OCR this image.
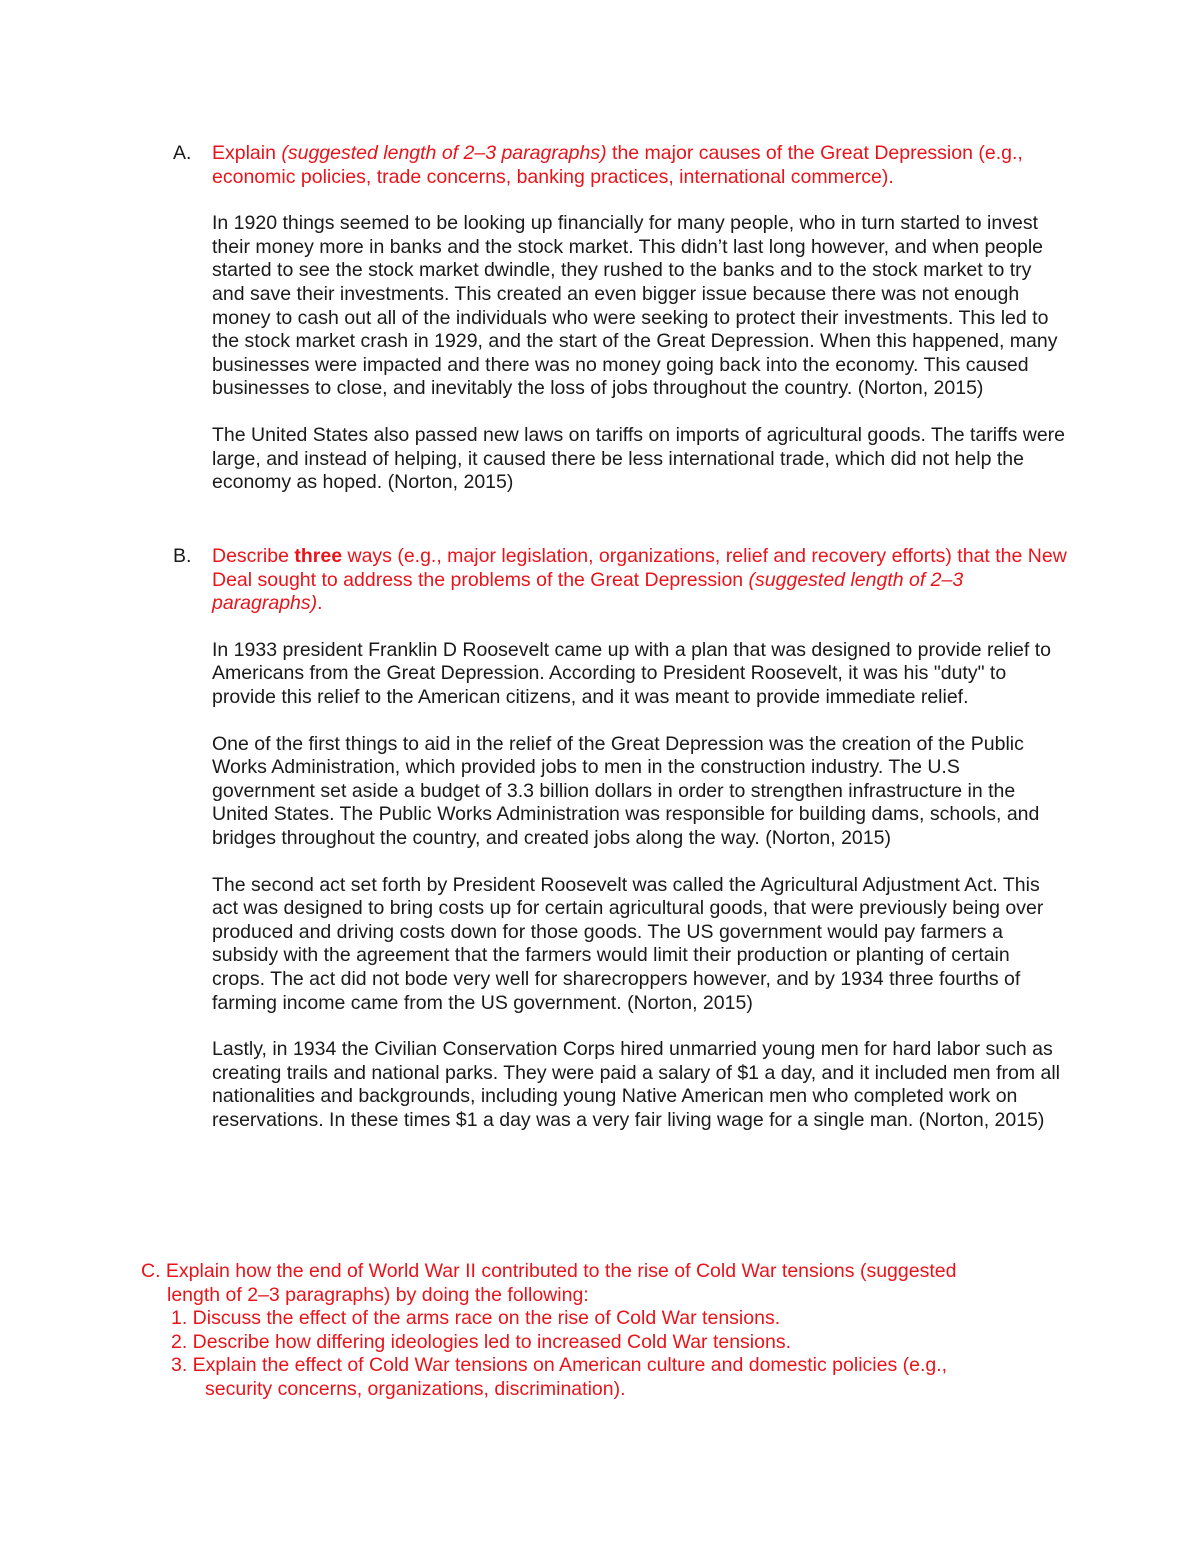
A. Explain (suggested length of 2–3 paragraphs) the major causes of the Great Depression (e.g., economic policies, trade concerns, banking practices, international commerce).

In 1920 things seemed to be looking up financially for many people, who in turn started to invest their money more in banks and the stock market. This didn’t last long however, and when people started to see the stock market dwindle, they rushed to the banks and to the stock market to try and save their investments. This created an even bigger issue because there was not enough money to cash out all of the individuals who were seeking to protect their investments. This led to the stock market crash in 1929, and the start of the Great Depression. When this happened, many businesses were impacted and there was no money going back into the economy. This caused businesses to close, and inevitably the loss of jobs throughout the country. (Norton, 2015)

The United States also passed new laws on tariffs on imports of agricultural goods. The tariffs were large, and instead of helping, it caused there be less international trade, which did not help the economy as hoped. (Norton, 2015)

B. Describe three ways (e.g., major legislation, organizations, relief and recovery efforts) that the New Deal sought to address the problems of the Great Depression (suggested length of 2–3 paragraphs).

In 1933 president Franklin D Roosevelt came up with a plan that was designed to provide relief to Americans from the Great Depression. According to President Roosevelt, it was his "duty" to provide this relief to the American citizens, and it was meant to provide immediate relief.

One of the first things to aid in the relief of the Great Depression was the creation of the Public Works Administration, which provided jobs to men in the construction industry. The U.S government set aside a budget of 3.3 billion dollars in order to strengthen infrastructure in the United States. The Public Works Administration was responsible for building dams, schools, and bridges throughout the country, and created jobs along the way. (Norton, 2015)

The second act set forth by President Roosevelt was called the Agricultural Adjustment Act. This act was designed to bring costs up for certain agricultural goods, that were previously being over produced and driving costs down for those goods. The US government would pay farmers a subsidy with the agreement that the farmers would limit their production or planting of certain crops. The act did not bode very well for sharecroppers however, and by 1934 three fourths of farming income came from the US government. (Norton, 2015)

Lastly, in 1934 the Civilian Conservation Corps hired unmarried young men for hard labor such as creating trails and national parks. They were paid a salary of $1 a day, and it included men from all nationalities and backgrounds, including young Native American men who completed work on reservations. In these times $1 a day was a very fair living wage for a single man. (Norton, 2015)

C. Explain how the end of World War II contributed to the rise of Cold War tensions (suggested

length of 2–3 paragraphs) by doing the following:

1. Discuss the effect of the arms race on the rise of Cold War tensions.

2. Describe how differing ideologies led to increased Cold War tensions.

3. Explain the effect of Cold War tensions on American culture and domestic policies (e.g.,

security concerns, organizations, discrimination).
